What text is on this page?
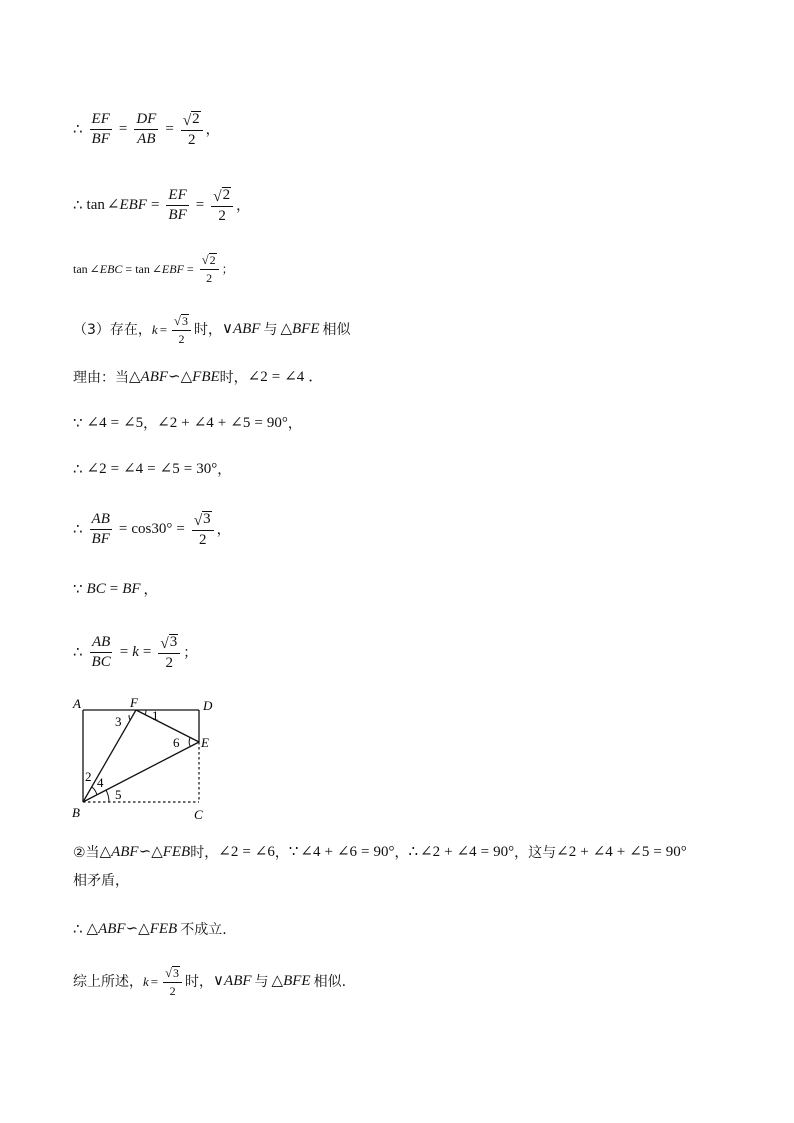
∴ $\frac{EF}{BF} = \frac{DF}{AB} = \frac{√ 2}{2}$ ，
∴ tan ∠ EBF = $\frac{EF}{BF} = \frac{√ 2}{2}$ ，
tan ∠ EBC = tan ∠ EBF = $\frac{√ 2}{2}$ ；
（3）存在， $k = \frac{√ 3}{2}$ 时， ∨ ABF 与 △ BFE 相似
理由：当 △ ABF ∽ △ FBE 时， ∠ 2 = ∠ 4 ．
∵ ∠ 4 = ∠ 5 ， ∠ 2 + ∠ 4 + ∠ 5 = 90 ° ，
∴ ∠ 2 = ∠ 4 = ∠ 5 = 30 ° ，
∴ $\frac{AB}{BF} = \cos 30$ ° = $\frac{√ 3}{2}$ ，
∵ BC = BF ，
∴ $\frac{AB}{BC} = k = \frac{√ 3}{2}$ ；
A	F	D
E
B	C
1
2
3
4
5
6
②当 △ ABF ∽ △ FEB 时， ∠ 2 = ∠ 6 ， ∵ ∠ 4 + ∠ 6 = 90 ° ， ∴ ∠ 2 + ∠ 4 = 90 ° ，这与 ∠ 2 + ∠ 4 + ∠ 5 = 90 °
相矛盾，
∴ △ ABF ∽ △ FEB 不成立.
综上所述， $k = \frac{√ 3}{2}$ 时， ∨ ABF 与 △ BFE 相似.
